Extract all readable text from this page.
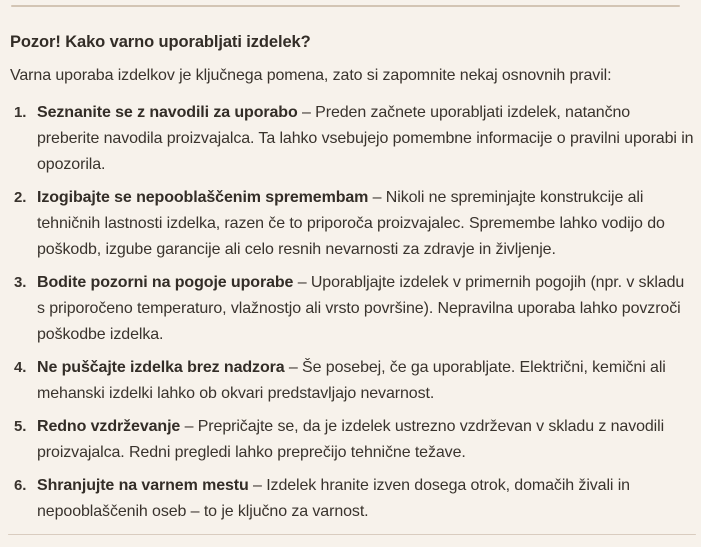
Pozor! Kako varno uporabljati izdelek?

Varna uporaba izdelkov je ključnega pomena, zato si zapomnite nekaj osnovnih pravil:

1. Seznanite se z navodili za uporabo – Preden začnete uporabljati izdelek, natančno preberite navodila proizvajalca. Ta lahko vsebujejo pomembne informacije o pravilni uporabi in opozorila.
2. Izogibajte se nepooblaščenim spremembam – Nikoli ne spreminjajte konstrukcije ali tehničnih lastnosti izdelka, razen če to priporoča proizvajalec. Spremembe lahko vodijo do poškodb, izgube garancije ali celo resnih nevarnosti za zdravje in življenje.
3. Bodite pozorni na pogoje uporabe – Uporabljajte izdelek v primernih pogojih (npr. v skladu s priporočeno temperaturo, vlažnostjo ali vrsto površine). Nepravilna uporaba lahko povzroči poškodbe izdelka.
4. Ne puščajte izdelka brez nadzora – Še posebej, če ga uporabljate. Električni, kemični ali mehanski izdelki lahko ob okvari predstavljajo nevarnost.
5. Redno vzdrževanje – Prepričajte se, da je izdelek ustrezno vzdrževan v skladu z navodili proizvajalca. Redni pregledi lahko preprečijo tehnične težave.
6. Shranjujte na varnem mestu – Izdelek hranite izven dosega otrok, domačih živali in nepooblaščenih oseb – to je ključno za varnost.
